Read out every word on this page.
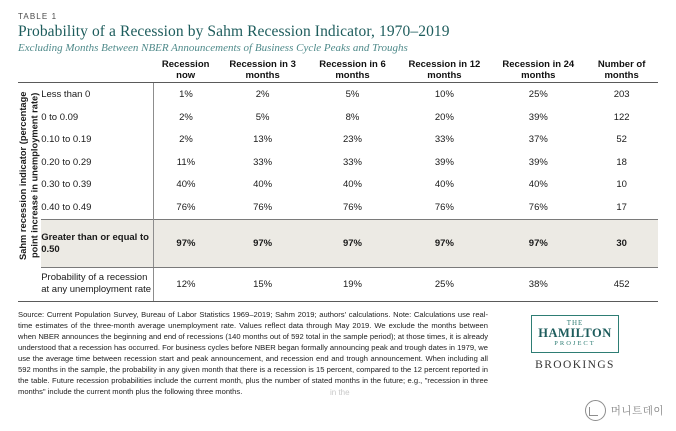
TABLE 1
Probability of a Recession by Sahm Recession Indicator, 1970–2019
Excluding Months Between NBER Announcements of Business Cycle Peaks and Troughs
		Recession now	Recession in 3 months	Recession in 6 months	Recession in 12 months	Recession in 24 months	Number of months

Sahm recession indicator (percentage point increase in unemployment rate)	Less than 0	1%	2%	5%	10%	25%	203
	0 to 0.09	2%	5%	8%	20%	39%	122
	0.10 to 0.19	2%	13%	23%	33%	37%	52
	0.20 to 0.29	11%	33%	33%	39%	39%	18
	0.30 to 0.39	40%	40%	40%	40%	40%	10
	0.40 to 0.49	76%	76%	76%	76%	76%	17
	Greater than or equal to 0.50	97%	97%	97%	97%	97%	30
	Probability of a recession at any unemployment rate	12%	15%	19%	25%	38%	452
Source: Current Population Survey, Bureau of Labor Statistics 1969–2019; Sahm 2019; authors' calculations. Note: Calculations use real-time estimates of the three-month average unemployment rate. Values reflect data through May 2019. We exclude the months between when NBER announces the beginning and end of recessions (140 months out of 592 total in the sample period); at those times, it is already understood that a recession has occurred. For business cycles before NBER began formally announcing peak and trough dates in 1979, we use the average time between recession start and peak announcement, and recession end and trough announcement. When including all 592 months in the sample, the probability in any given month that there is a recession is 15 percent, compared to the 12 percent reported in the table. Future recession probabilities include the current month, plus the number of stated months in the future; e.g., "recession in three months" include the current month plus the following three months.
THE
HAMILTON
PROJECT
BROOKINGS
in the
머니트데이
